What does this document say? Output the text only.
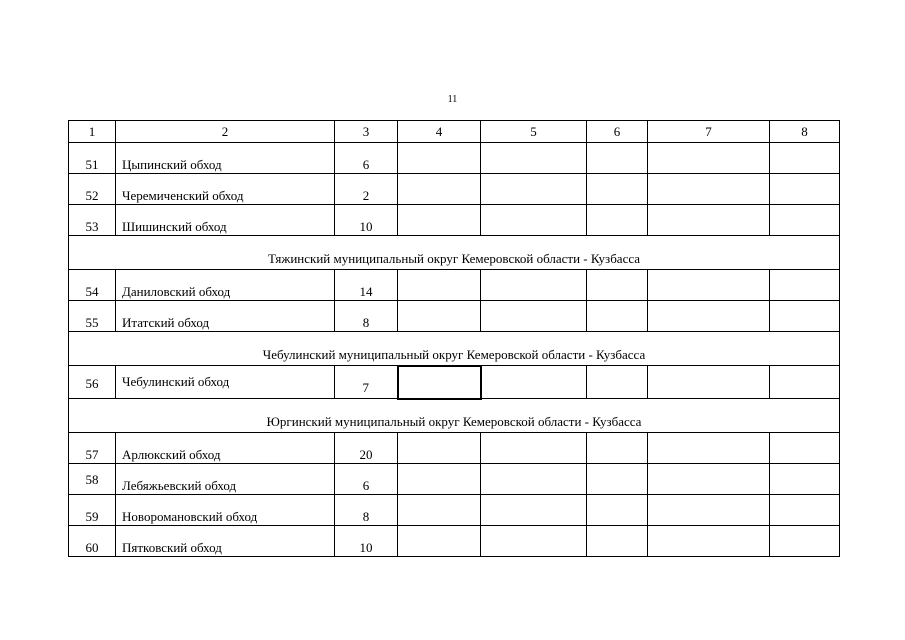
11
1	2	3	4	5	6	7	8
51	Цыпинский обход	6					
52	Черемиченский обход	2					
53	Шишинский обход	10					
Тяжинский муниципальный округ Кемеровской области - Кузбасса							
54	Даниловский обход	14					
55	Итатский обход	8					
Чебулинский муниципальный округ Кемеровской области - Кузбасса							
56	Чебулинский обход	7					
Юргинский муниципальный округ Кемеровской области - Кузбасса							
57	Арлюкский обход	20					
58	Лебяжьевский обход	6					
59	Новоромановский обход	8					
60	Пятковский обход	10					
